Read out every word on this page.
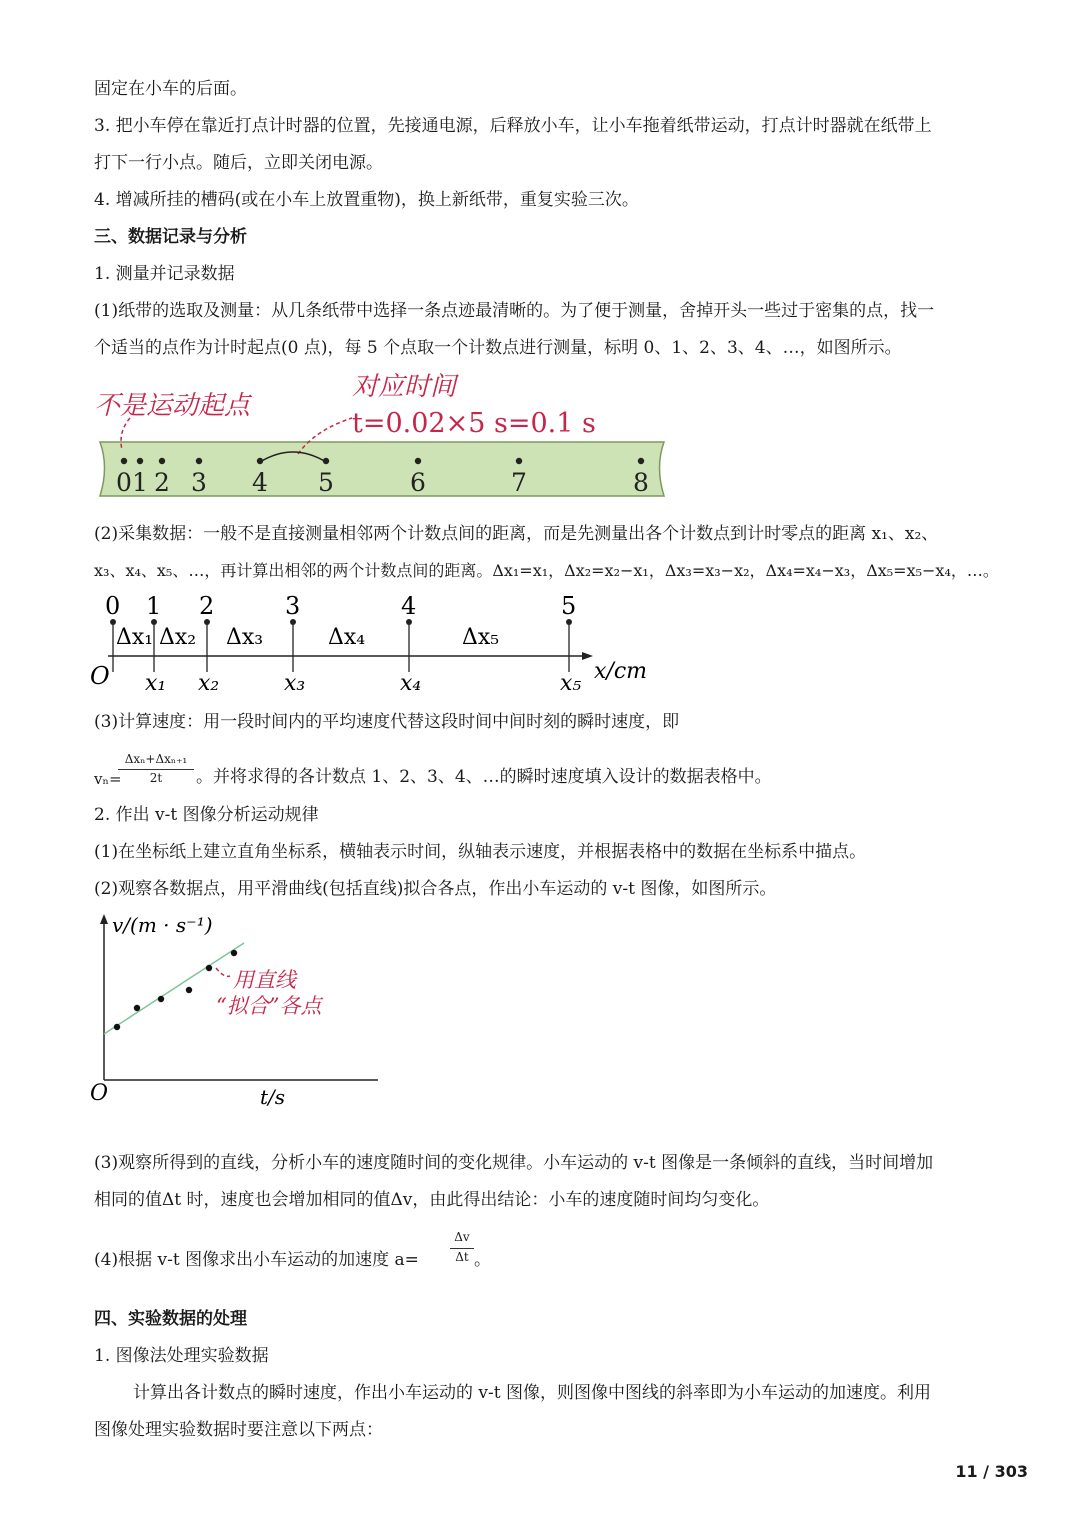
固定在小车的后面。
3. 把小车停在靠近打点计时器的位置，先接通电源，后释放小车，让小车拖着纸带运动，打点计时器就在纸带上
打下一行小点。随后，立即关闭电源。
4. 增减所挂的槽码(或在小车上放置重物)，换上新纸带，重复实验三次。
三、数据记录与分析
1. 测量并记录数据
(1)纸带的选取及测量：从几条纸带中选择一条点迹最清晰的。为了便于测量，舍掉开头一些过于密集的点，找一
个适当的点作为计时起点(0 点)，每 5 个点取一个计数点进行测量，标明 0、1、2、3、4、…，如图所示。
不是运动起点
对应时间
t=0.02×5 s=0.1 s
0 1 2 3 4 5	6	7	8
(2)采集数据：一般不是直接测量相邻两个计数点间的距离，而是先测量出各个计数点到计时零点的距离 x₁、x₂、
x₃、x₄、x₅、…，再计算出相邻的两个计数点间的距离。Δx₁=x₁，Δx₂=x₂−x₁，Δx₃=x₃−x₂，Δx₄=x₄−x₃，Δx₅=x₅−x₄，…。
O	x/cm
0 1 2	3	4	5
Δx₁ Δx₂ Δx₃	Δx₄	Δx₅
x₁ x₂	x₃	x₄	x₅
(3)计算速度：用一段时间内的平均速度代替这段时间中间时刻的瞬时速度，即
vₙ=
Δxₙ+Δxₙ₊₁
2t	。并将求得的各计数点 1、2、3、4、…的瞬时速度填入设计的数据表格中。
2. 作出 v-t 图像分析运动规律
(1)在坐标纸上建立直角坐标系，横轴表示时间，纵轴表示速度，并根据表格中的数据在坐标系中描点。
(2)观察各数据点，用平滑曲线(包括直线)拟合各点，作出小车运动的 v-t 图像，如图所示。
v/(m · s⁻¹)
O	t/s
用直线
“拟合”各点
(3)观察所得到的直线，分析小车的速度随时间的变化规律。小车运动的 v-t 图像是一条倾斜的直线，当时间增加
相同的值Δt 时，速度也会增加相同的值Δv，由此得出结论：小车的速度随时间均匀变化。
(4)根据 v-t 图像求出小车运动的加速度 a=
Δv
Δt 。
四、实验数据的处理
1. 图像法处理实验数据
计算出各计数点的瞬时速度，作出小车运动的 v-t 图像，则图像中图线的斜率即为小车运动的加速度。利用
图像处理实验数据时要注意以下两点：
11 / 303
